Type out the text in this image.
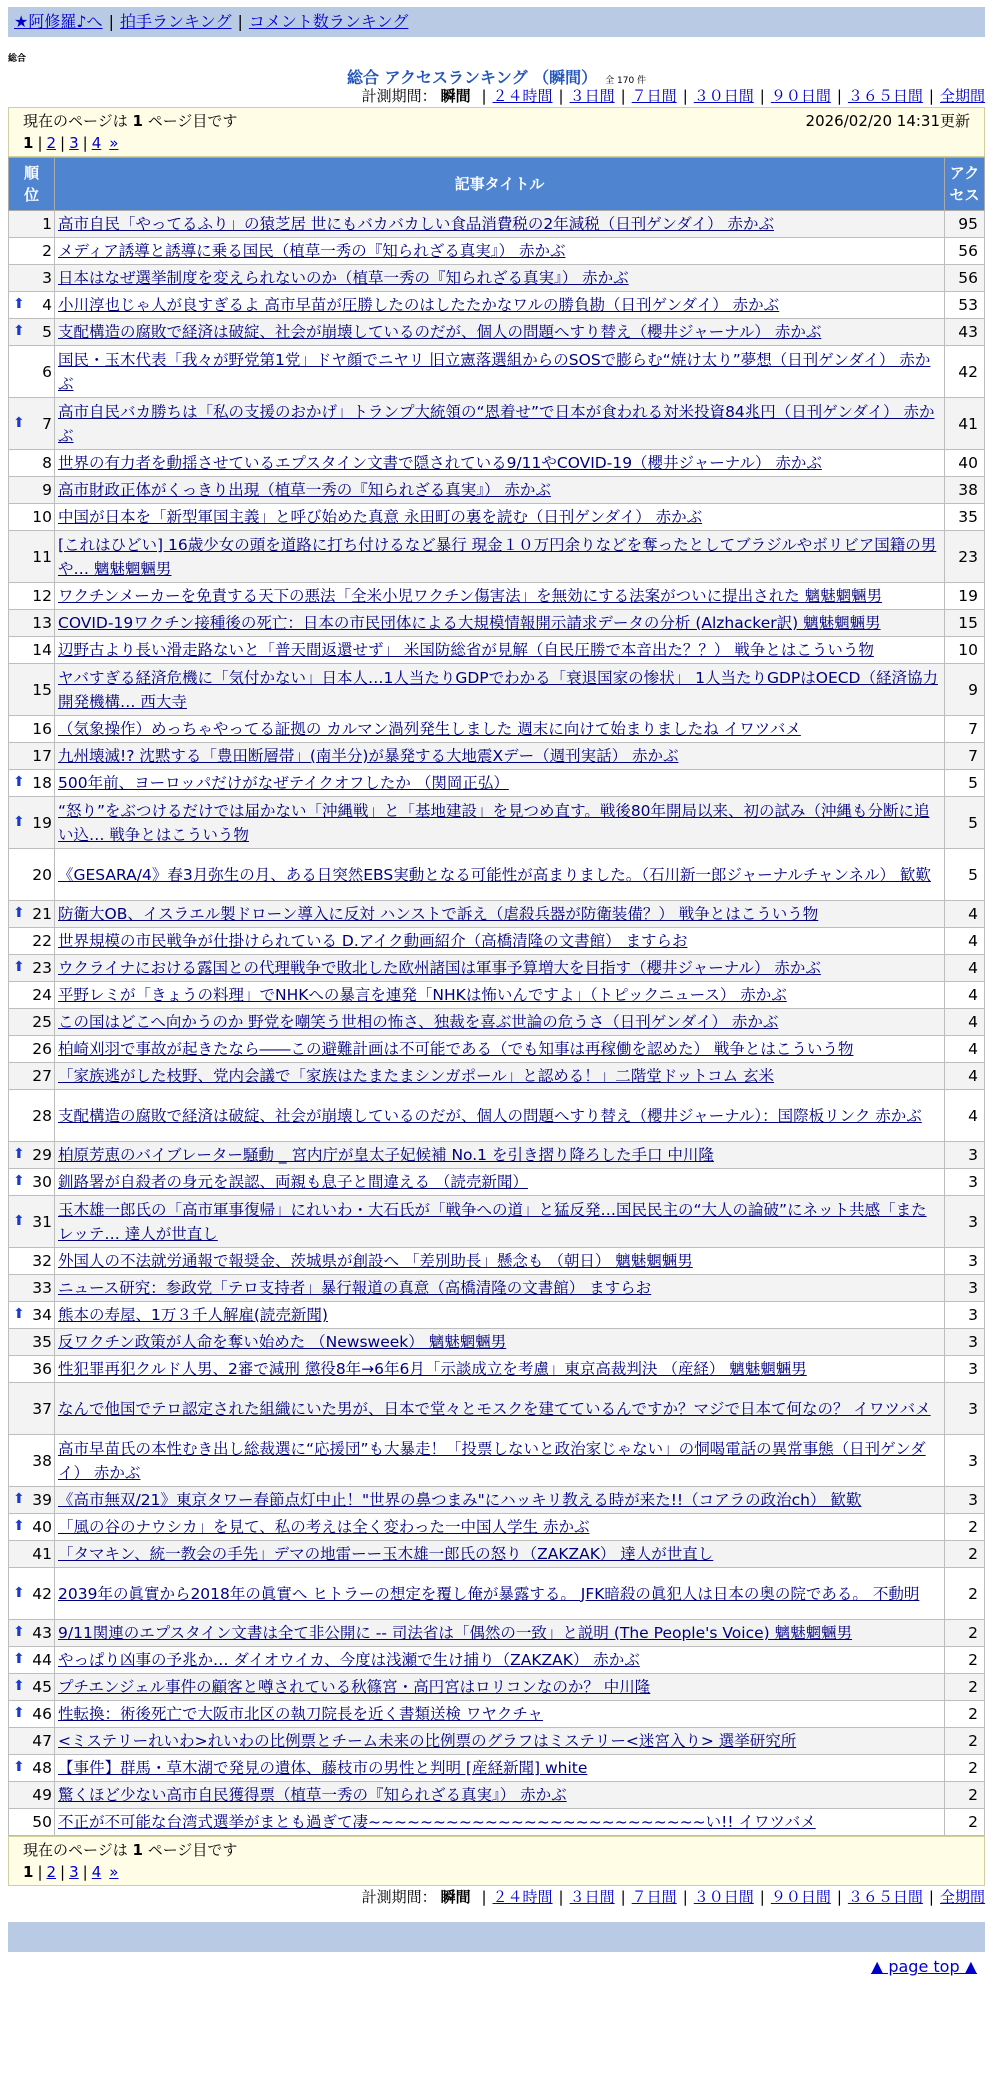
★阿修羅♪へ | 拍手ランキング | コメント数ランキング
総合
総合 アクセスランキング （瞬間） 全 170 件
計測期間： 瞬間 | ２４時間 | ３日間 | ７日間 | ３０日間 | ９０日間 | ３６５日間 | 全期間
現在のページは 1 ページ目です	2026/02/20 14:31更新
1 | 2 | 3 | 4 »
順
位	記事タイトル	アク
セス
1	高市自民「やってるふり」の猿芝居 世にもバカバカしい食品消費税の2年減税（日刊ゲンダイ） 赤かぶ	95
2	メディア誘導と誘導に乗る国民（植草一秀の『知られざる真実』） 赤かぶ	56
3	日本はなぜ選挙制度を変えられないのか（植草一秀の『知られざる真実』） 赤かぶ	56

⬆ 4	小川淳也じゃ人が良すぎるよ 高市早苗が圧勝したのはしたたかなワルの勝負勘（日刊ゲンダイ） 赤かぶ	53

⬆ 5	支配構造の腐敗で経済は破綻、社会が崩壊しているのだが、個人の問題へすり替え（櫻井ジャーナル） 赤かぶ	43
6	国民・玉木代表「我々が野党第1党」ドヤ顔でニヤリ 旧立憲落選組からのSOSで膨らむ“焼け太り”夢想（日刊ゲンダイ） 赤かぶ	42

⬆ 7	高市自民バカ勝ちは「私の支援のおかげ」トランプ大統領の“恩着せ”で日本が食われる対米投資84兆円（日刊ゲンダイ） 赤かぶ	41
8	世界の有力者を動揺させているエプスタイン文書で隠されている9/11やCOVID-19（櫻井ジャーナル） 赤かぶ	40
9	高市財政正体がくっきり出現（植草一秀の『知られざる真実』） 赤かぶ	38
10	中国が日本を「新型軍国主義」と呼び始めた真意 永田町の裏を読む（日刊ゲンダイ） 赤かぶ	35
11	[これはひどい] 16歳少女の頭を道路に打ち付けるなど暴行 現金１０万円余りなどを奪ったとしてブラジルやボリビア国籍の男や… 魑魅魍魎男	23
12	ワクチンメーカーを免責する天下の悪法「全米小児ワクチン傷害法」を無効にする法案がついに提出された 魑魅魍魎男	19
13	COVID-19ワクチン接種後の死亡：日本の市民団体による大規模情報開示請求データの分析 (Alzhacker訳) 魑魅魍魎男	15
14	辺野古より長い滑走路ないと「普天間返還せず」 米国防総省が見解（自民圧勝で本音出た？？） 戦争とはこういう物	10
15	ヤバすぎる経済危機に「気付かない」日本人…1人当たりGDPでわかる「衰退国家の惨状」 1人当たりGDPはOECD（経済協力開発機構… 西大寺	9
16	（気象操作）めっちゃやってる証拠の カルマン渦列発生しました 週末に向けて始まりましたね イワツバメ	7
17	九州壊滅!? 沈黙する「豊田断層帯」(南半分)が暴発する大地震Xデー（週刊実話） 赤かぶ	7

⬆ 18	500年前、ヨーロッパだけがなぜテイクオフしたか （関岡正弘）	5

⬆ 19	“怒り”をぶつけるだけでは届かない「沖縄戦」と「基地建設」を見つめ直す。戦後80年開局以来、初の試み（沖縄も分断に追い込… 戦争とはこういう物	5
20	《GESARA/4》春3月弥生の月、ある日突然EBS実動となる可能性が高まりました。（石川新一郎ジャーナルチャンネル） 歓歎	5

⬆ 21	防衛大OB、イスラエル製ドローン導入に反対 ハンストで訴え（虐殺兵器が防衛装備？） 戦争とはこういう物	4
22	世界規模の市民戦争が仕掛けられている D.アイク動画紹介（高橋清隆の文書館） ますらお	4

⬆ 23	ウクライナにおける露国との代理戦争で敗北した欧州諸国は軍事予算増大を目指す（櫻井ジャーナル） 赤かぶ	4
24	平野レミが「きょうの料理」でNHKへの暴言を連発「NHKは怖いんですよ」（トピックニュース） 赤かぶ	4
25	この国はどこへ向かうのか 野党を嘲笑う世相の怖さ、独裁を喜ぶ世論の危うさ（日刊ゲンダイ） 赤かぶ	4
26	柏崎刈羽で事故が起きたなら――この避難計画は不可能である（でも知事は再稼働を認めた） 戦争とはこういう物	4
27	「家族逃がした枝野、党内会議で「家族はたまたまシンガポール」と認める！」二階堂ドットコム 玄米	4
28	支配構造の腐敗で経済は破綻、社会が崩壊しているのだが、個人の問題へすり替え（櫻井ジャーナル）：国際板リンク 赤かぶ	4

⬆ 29	柏原芳恵のバイブレーター騒動 _ 宮内庁が皇太子妃候補 No.1 を引き摺り降ろした手口 中川隆	3

⬆ 30	釧路署が自殺者の身元を誤認、両親も息子と間違える （読売新聞）	3

⬆ 31	玉木雄一郎氏の「高市軍事復帰」にれいわ・大石氏が「戦争への道」と猛反発…国民民主の“大人の論破”にネット共感「またレッテ… 達人が世直し	3
32	外国人の不法就労通報で報奨金、茨城県が創設へ 「差別助長」懸念も （朝日） 魑魅魍魎男	3
33	ニュース研究：参政党「テロ支持者」暴行報道の真意（高橋清隆の文書館） ますらお	3

⬆ 34	熊本の寿屋、1万３千人解雇(読売新聞)	3
35	反ワクチン政策が人命を奪い始めた （Newsweek） 魑魅魍魎男	3
36	性犯罪再犯クルド人男、2審で減刑 懲役8年→6年6月「示談成立を考慮」東京高裁判決 （産経） 魑魅魍魎男	3
37	なんで他国でテロ認定された組織にいた男が、日本で堂々とモスクを建てているんですか？マジで日本て何なの？ イワツバメ	3
38	高市早苗氏の本性むき出し総裁選に“応援団”も大暴走！「投票しないと政治家じゃない」の恫喝電話の異常事態（日刊ゲンダイ） 赤かぶ	3

⬆ 39	《高市無双/21》東京タワー春節点灯中止！"世界の鼻つまみ"にハッキリ教える時が来た!!（コアラの政治ch） 歓歎	3

⬆ 40	「風の谷のナウシカ」を見て、私の考えは全く変わった一中国人学生 赤かぶ	2
41	「タマキン、統一教会の手先」デマの地雷ーー玉木雄一郎氏の怒り（ZAKZAK） 達人が世直し	2

⬆ 42	2039年の眞實から2018年の眞實へ ヒトラーの想定を覆し俺が暴露する。 JFK暗殺の眞犯人は日本の奥の院である。 不動明	2

⬆ 43	9/11関連のエプスタイン文書は全て非公開に -- 司法省は「偶然の一致」と説明 (The People's Voice) 魑魅魍魎男	2

⬆ 44	やっぱり凶事の予兆か… ダイオウイカ、今度は浅瀬で生け捕り（ZAKZAK） 赤かぶ	2

⬆ 45	プチエンジェル事件の顧客と噂されている秋篠宮・高円宮はロリコンなのか？ 中川隆	2

⬆ 46	性転換：術後死亡で大阪市北区の執刀院長を近く書類送検 ワヤクチャ	2
47	<ミステリーれいわ>れいわの比例票とチーム未来の比例票のグラフはミステリー<迷宮入り> 選挙研究所	2

⬆ 48	【事件】群馬・草木湖で発見の遺体、藤枝市の男性と判明 [産経新聞] white	2
49	驚くほど少ない高市自民獲得票（植草一秀の『知られざる真実』） 赤かぶ	2
50	不正が不可能な台湾式選挙がまとも過ぎて凄~~~~~~~~~~~~~~~~~~~~~~~~~~い!! イワツバメ	2
現在のページは 1 ページ目です
1 | 2 | 3 | 4 »
計測期間： 瞬間 | ２４時間 | ３日間 | ７日間 | ３０日間 | ９０日間 | ３６５日間 | 全期間
▲ page top ▲
